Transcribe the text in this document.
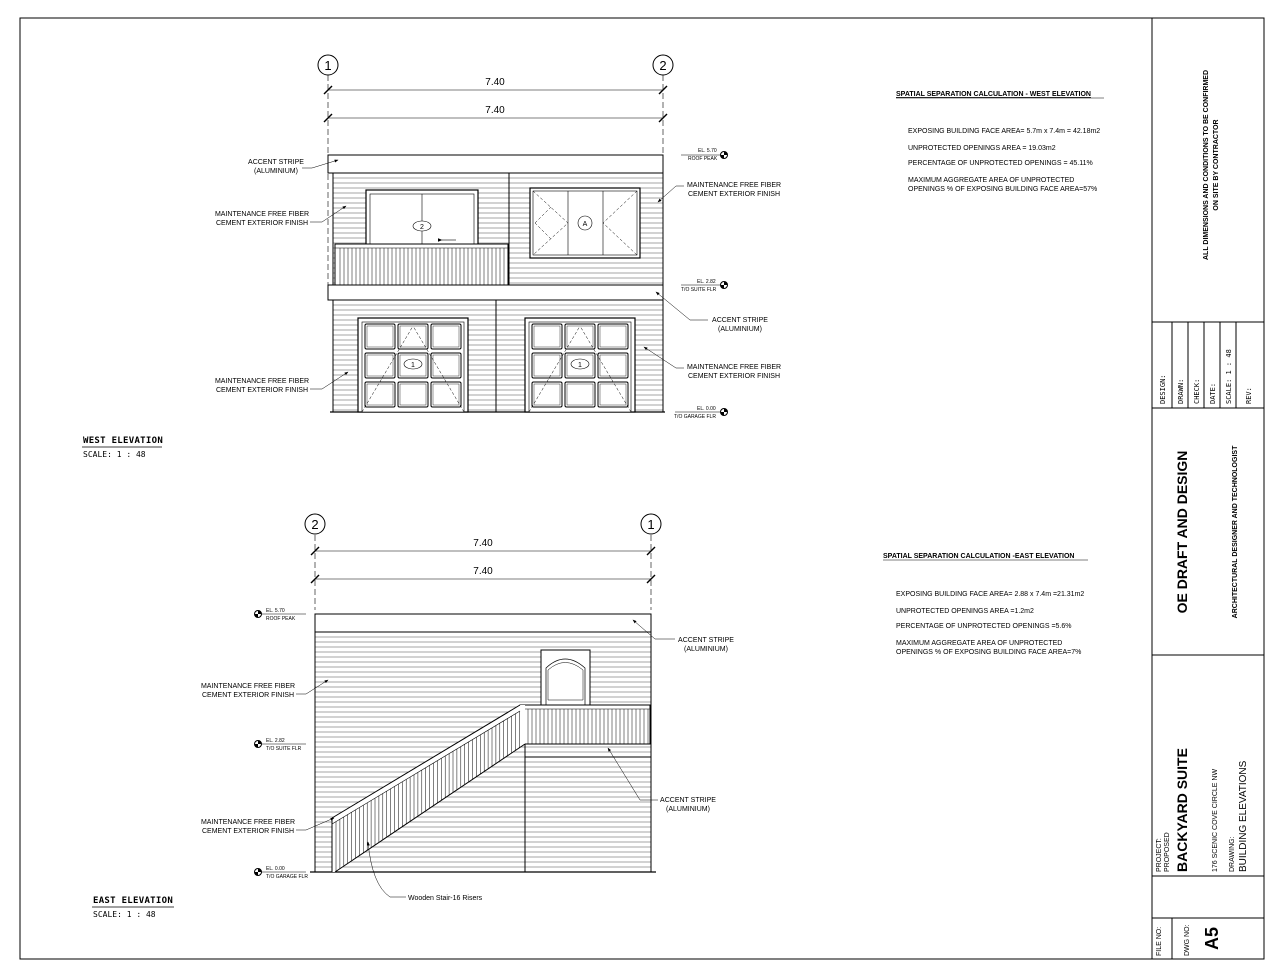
ALL DIMENSIONS AND CONDITIONS TO BE CONFIRMED ON SITE BY CONTRACTOR
DESIGN: DRAWN: CHECK: DATE: SCALE: 1 : 48 REV:
OE DRAFT AND DESIGN	ARCHITECTURAL DESIGNER AND TECHNOLOGIST
PROJECT: PROPOSED BACKYARD SUITE	176 SCENIC COVE CIRCLE NW DRAWING: BUILDING ELEVATIONS
FILE NO:	DWG NO: A5
1	2
7.40
7.40
2	A
1	1
EL. 5.70
ROOF PEAK
EL. 2.82
T/O SUITE FLR
EL. 0.00
T/O GARAGE FLR
ACCENT STRIPE
(ALUMINIUM)
MAINTENANCE FREE FIBER
CEMENT EXTERIOR FINISH
MAINTENANCE FREE FIBER
CEMENT EXTERIOR FINISH
ACCENT STRIPE
(ALUMINIUM)
MAINTENANCE FREE FIBER
CEMENT EXTERIOR FINISH
MAINTENANCE FREE FIBER
CEMENT EXTERIOR FINISH
WEST ELEVATION
SCALE: 1 : 48
2	1
7.40
7.40
EL. 5.70
ROOF PEAK
EL. 2.82
T/O SUITE FLR
EL. 0.00
T/O GARAGE FLR
ACCENT STRIPE
(ALUMINIUM)
MAINTENANCE FREE FIBER
CEMENT EXTERIOR FINISH
ACCENT STRIPE
(ALUMINIUM)
MAINTENANCE FREE FIBER
CEMENT EXTERIOR FINISH
Wooden Stair-16 Risers
EAST ELEVATION
SCALE: 1 : 48
SPATIAL SEPARATION CALCULATION - WEST ELEVATION
EXPOSING BUILDING FACE AREA= 5.7m x 7.4m = 42.18m2
UNPROTECTED OPENINGS AREA = 19.03m2
PERCENTAGE OF UNPROTECTED OPENINGS = 45.11%
MAXIMUM AGGREGATE AREA OF UNPROTECTED
OPENINGS % OF EXPOSING BUILDING FACE AREA=57%
SPATIAL SEPARATION CALCULATION -EAST ELEVATION
EXPOSING BUILDING FACE AREA= 2.88 x 7.4m =21.31m2
UNPROTECTED OPENINGS AREA =1.2m2
PERCENTAGE OF UNPROTECTED OPENINGS =5.6%
MAXIMUM AGGREGATE AREA OF UNPROTECTED
OPENINGS % OF EXPOSING BUILDING FACE AREA=7%
